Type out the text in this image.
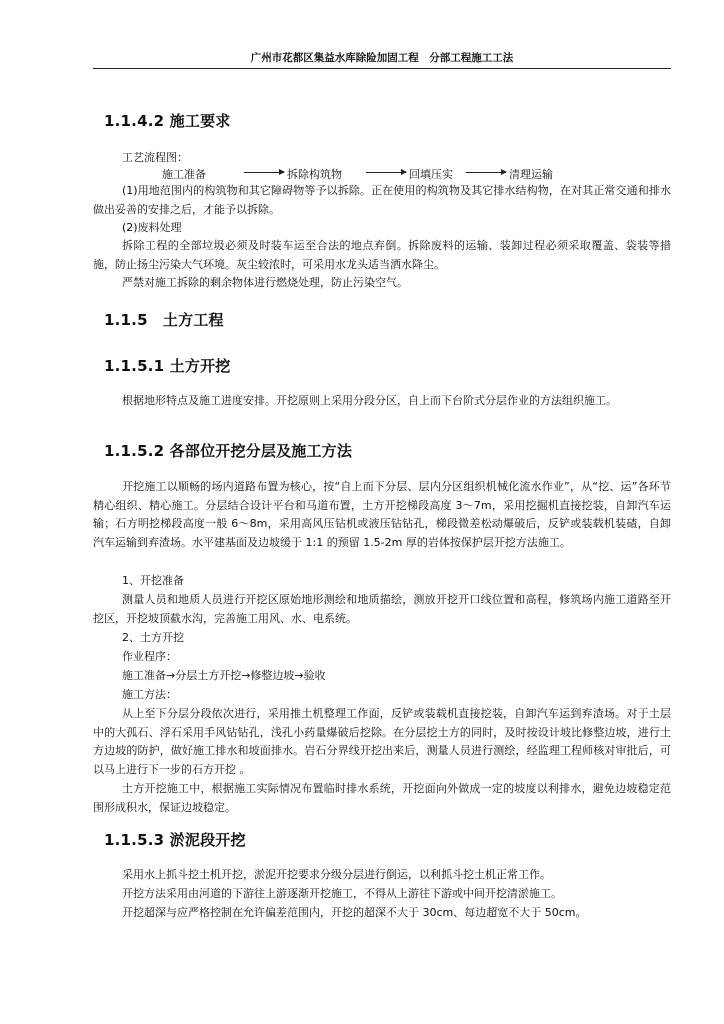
广州市花都区集益水库除险加固工程　分部工程施工工法
1.1.4.2 施工要求
工艺流程图：
施工准备	拆除构筑物	回填压实	清理运输

(1)用地范围内的构筑物和其它障碍物等予以拆除。正在使用的构筑物及其它排水结构物，在对其正常交通和排水做出妥善的安排之后，才能予以拆除。

(2)废料处理

拆除工程的全部垃圾必须及时装车运至合法的地点弃倒。拆除废料的运输、装卸过程必须采取覆盖、袋装等措施，防止扬尘污染大气环境。灰尘较浓时，可采用水龙头适当洒水降尘。

严禁对施工拆除的剩余物体进行燃烧处理，防止污染空气。

1.1.5　土方工程
1.1.5.1 土方开挖

根据地形特点及施工进度安排。开挖原则上采用分段分区，自上而下台阶式分层作业的方法组织施工。

1.1.5.2 各部位开挖分层及施工方法

开挖施工以顺畅的场内道路布置为核心，按“自上而下分层、层内分区组织机械化流水作业”，从“挖、运”各环节精心组织、精心施工。分层结合设计平台和马道布置，土方开挖梯段高度 3～7m，采用挖掘机直接挖装，自卸汽车运输；石方明挖梯段高度一般 6～8m，采用高风压钻机或液压钻钻孔，梯段微差松动爆破后，反铲或装载机装碴，自卸汽车运输到弃渣场。水平建基面及边坡缓于 1:1 的预留 1.5-2m 厚的岩体按保护层开挖方法施工。

1、开挖准备

测量人员和地质人员进行开挖区原始地形测绘和地质描绘，测放开挖开口线位置和高程，修筑场内施工道路至开挖区，开挖坡顶截水沟，完善施工用风、水、电系统。

2、土方开挖

作业程序：

施工准备→分层土方开挖→修整边坡→验收

施工方法：

从上至下分层分段依次进行，采用推土机整理工作面，反铲或装载机直接挖装，自卸汽车运到弃渣场。对于土层中的大孤石、浮石采用手风钻钻孔，浅孔小药量爆破后挖除。在分层挖土方的同时，及时按设计坡比修整边坡，进行土方边坡的防护，做好施工排水和坡面排水。岩石分界线开挖出来后，测量人员进行测绘，经监理工程师核对审批后，可以马上进行下一步的石方开挖 。

土方开挖施工中，根据施工实际情况布置临时排水系统，开挖面向外做成一定的坡度以利排水，避免边坡稳定范围形成积水，保证边坡稳定。

1.1.5.3 淤泥段开挖

采用水上抓斗挖土机开挖，淤泥开挖要求分级分层进行倒运，以利抓斗挖土机正常工作。

开挖方法采用由河道的下游往上游逐渐开挖施工，不得从上游往下游或中间开挖清淤施工。

开挖超深与应严格控制在允许偏差范围内，开挖的超深不大于 30cm、每边超宽不大于 50cm。
